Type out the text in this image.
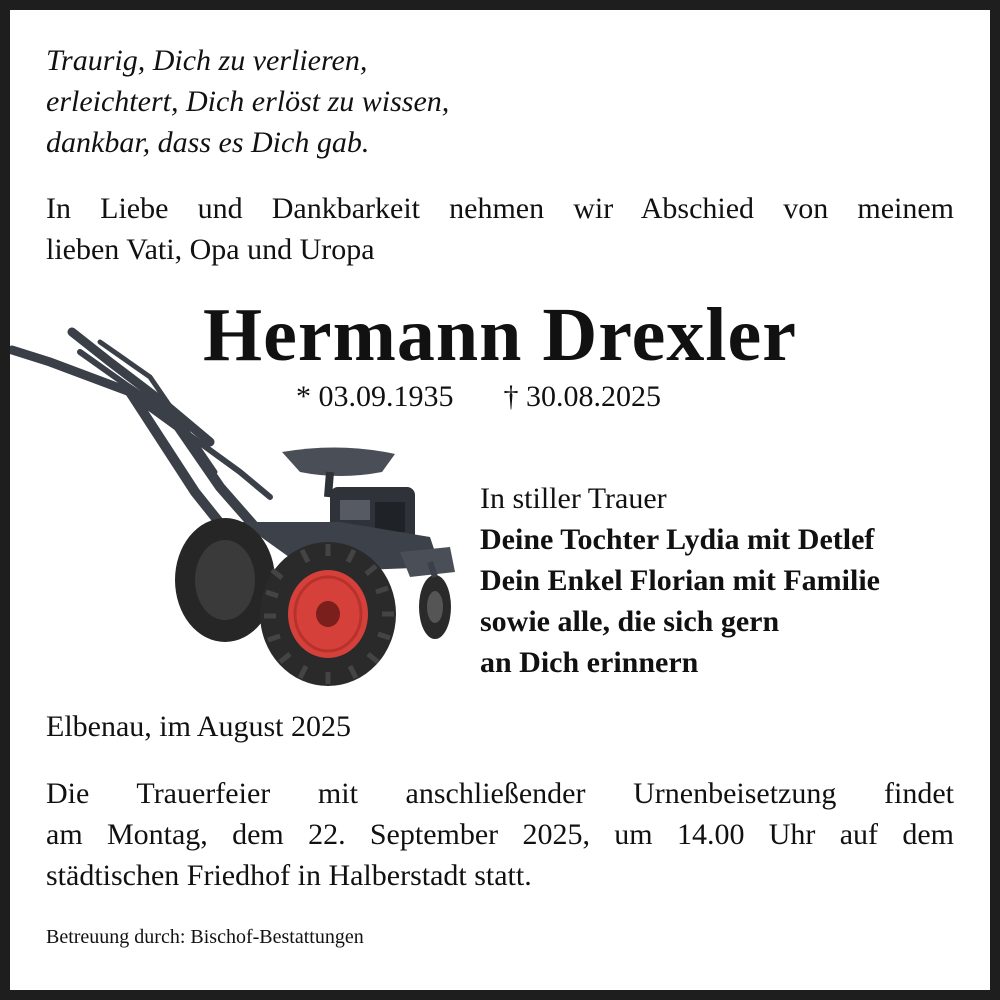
Traurig, Dich zu verlieren,
erleichtert, Dich erlöst zu wissen,
dankbar, dass es Dich gab.
In Liebe und Dankbarkeit nehmen wir Abschied von meinem
lieben Vati, Opa und Uropa
Hermann Drexler
* 03.09.1935 † 30.08.2025
In stiller Trauer
Deine Tochter Lydia mit Detlef
Dein Enkel Florian mit Familie
sowie alle, die sich gern
an Dich erinnern
Elbenau, im August 2025
Die Trauerfeier mit anschließender Urnenbeisetzung findet
am Montag, dem 22. September 2025, um 14.00 Uhr auf dem
städtischen Friedhof in Halberstadt statt.
Betreuung durch: Bischof-Bestattungen
